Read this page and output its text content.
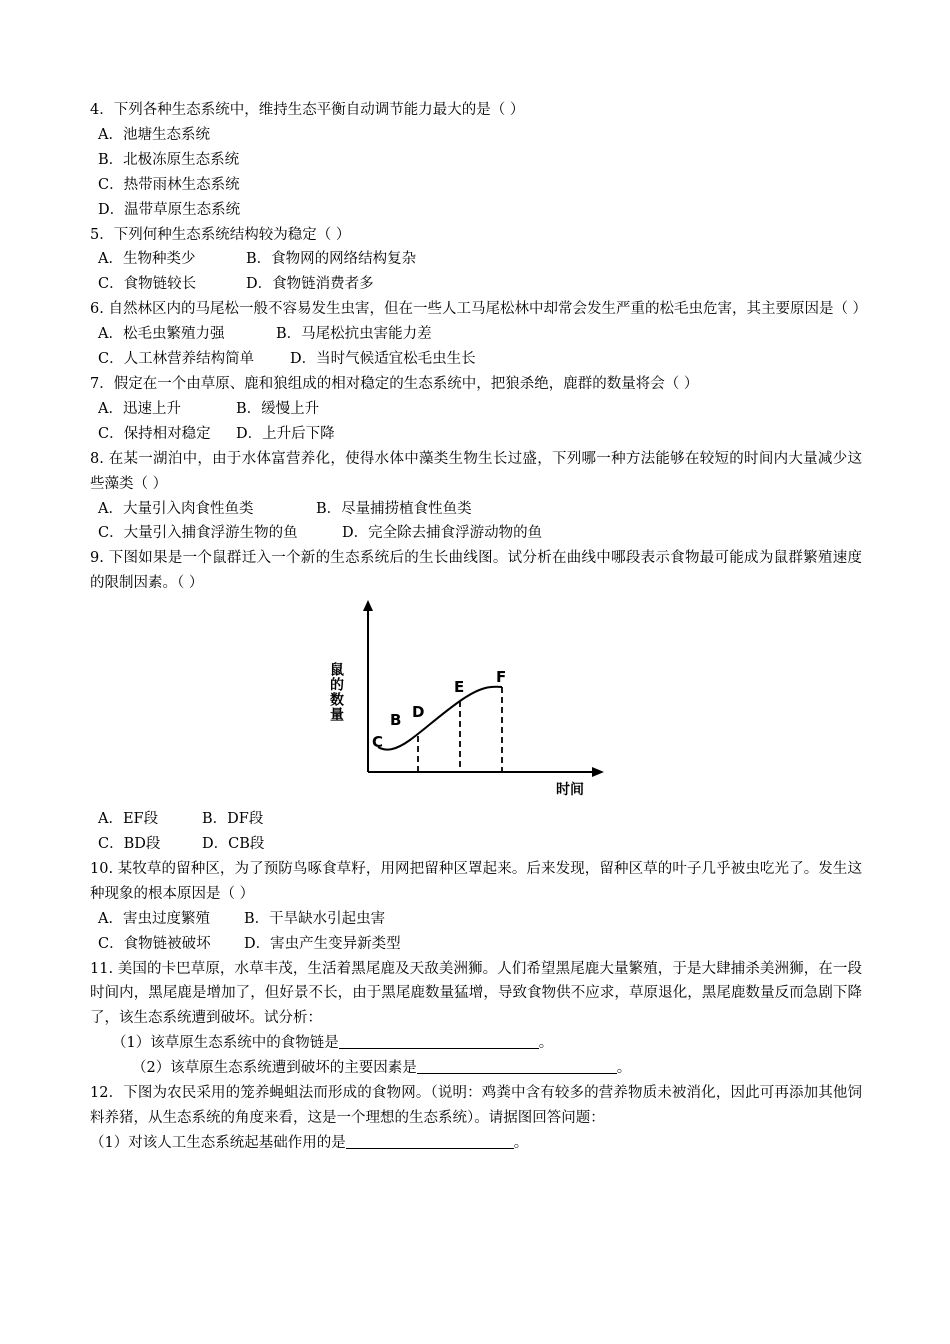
4．下列各种生态系统中，维持生态平衡自动调节能力最大的是（ ）
A．池塘生态系统
B．北极冻原生态系统
C．热带雨林生态系统
D．温带草原生态系统
5．下列何种生态系统结构较为稳定（ ）
A．生物种类少	B．食物网的网络结构复杂
C．食物链较长	D．食物链消费者多
6. 自然林区内的马尾松一般不容易发生虫害，但在一些人工马尾松林中却常会发生严重的松毛虫危害，其主要原因是（ ）
A．松毛虫繁殖力强	B．马尾松抗虫害能力差
C．人工林营养结构简单 D．当时气候适宜松毛虫生长
7．假定在一个由草原、鹿和狼组成的相对稳定的生态系统中，把狼杀绝，鹿群的数量将会（ ）
A．迅速上升	B．缓慢上升
C．保持相对稳定 D．上升后下降
8. 在某一湖泊中，由于水体富营养化，使得水体中藻类生物生长过盛，下列哪一种方法能够在较短的时间内大量减少这些藻类（ ）
A．大量引入肉食性鱼类	B．尽量捕捞植食性鱼类
C．大量引入捕食浮游生物的鱼	D．完全除去捕食浮游动物的鱼
9. 下图如果是一个鼠群迁入一个新的生态系统后的生长曲线图。试分析在曲线中哪段表示食物最可能成为鼠群繁殖速度的限制因素。（ ）
C
B D
E
F
鼠的数量
时间
A．EF段	B．DF段
C．BD段	D．CB段
10. 某牧草的留种区，为了预防鸟啄食草籽，用网把留种区罩起来。后来发现，留种区草的叶子几乎被虫吃光了。发生这种现象的根本原因是（ ）
A．害虫过度繁殖 B．干旱缺水引起虫害
C．食物链被破坏 D．害虫产生变异新类型
11. 美国的卡巴草原，水草丰茂，生活着黑尾鹿及天敌美洲狮。人们希望黑尾鹿大量繁殖，于是大肆捕杀美洲狮，在一段时间内，黑尾鹿是增加了，但好景不长，由于黑尾鹿数量猛增，导致食物供不应求，草原退化，黑尾鹿数量反而急剧下降了，该生态系统遭到破坏。试分析：
（1）该草原生态系统中的食物链是	。
（2）该草原生态系统遭到破坏的主要因素是	。
12．下图为农民采用的笼养蝇蛆法而形成的食物网。（说明：鸡粪中含有较多的营养物质未被消化，因此可再添加其他饲料养猪，从生态系统的角度来看，这是一个理想的生态系统）。请据图回答问题：
（1）对该人工生态系统起基础作用的是	。
